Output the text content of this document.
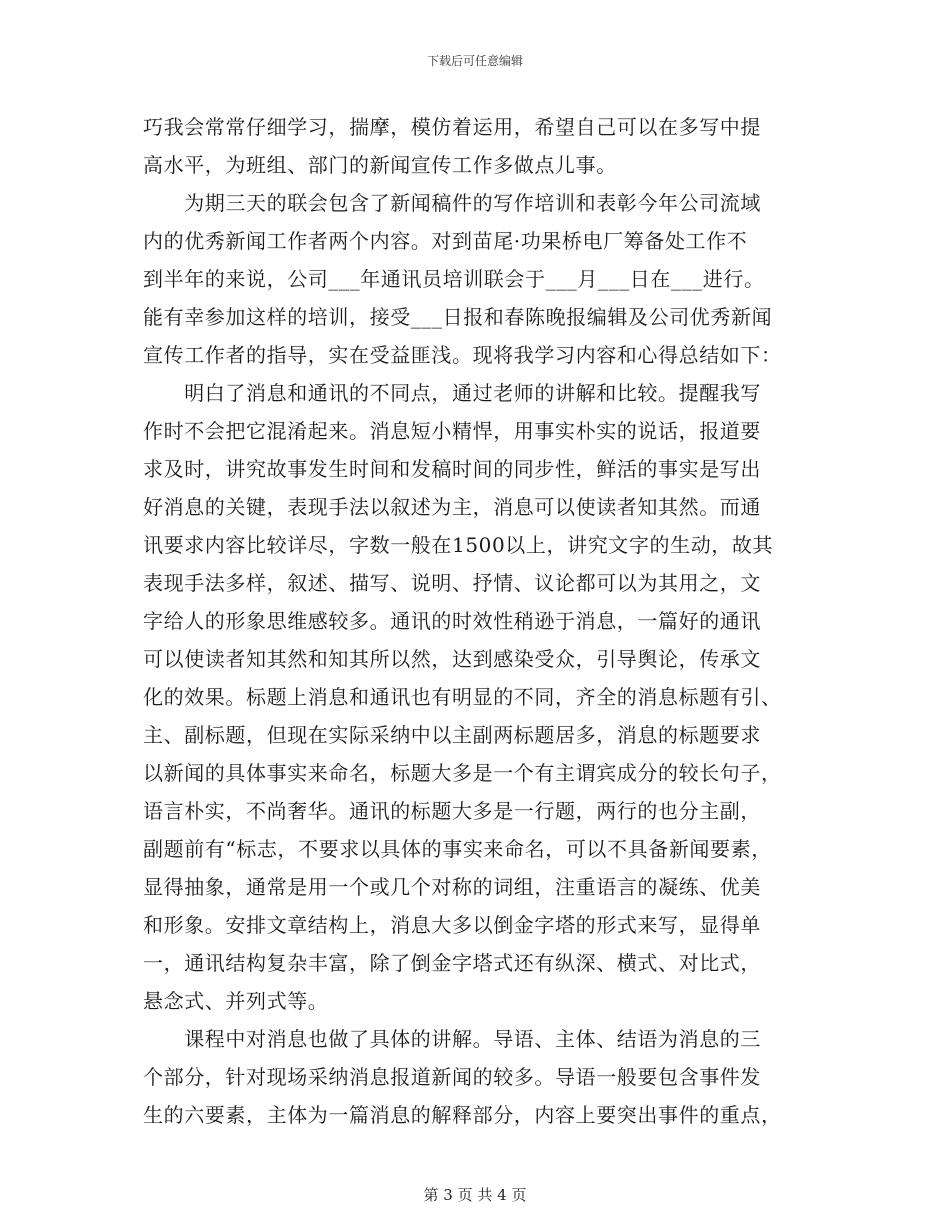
下载后可任意编辑
巧我会常常仔细学习，揣摩，模仿着运用，希望自己可以在多写中提
高水平，为班组、部门的新闻宣传工作多做点儿事。
　　为期三天的联会包含了新闻稿件的写作培训和表彰今年公司流域
内的优秀新闻工作者两个内容。对到苗尾·功果桥电厂筹备处工作不
到半年的来说，公司___年通讯员培训联会于___月___日在___进行。
能有幸参加这样的培训，接受___日报和春陈晚报编辑及公司优秀新闻
宣传工作者的指导，实在受益匪浅。现将我学习内容和心得总结如下：
　　明白了消息和通讯的不同点，通过老师的讲解和比较。提醒我写
作时不会把它混淆起来。消息短小精悍，用事实朴实的说话，报道要
求及时，讲究故事发生时间和发稿时间的同步性，鲜活的事实是写出
好消息的关键，表现手法以叙述为主，消息可以使读者知其然。而通
讯要求内容比较详尽，字数一般在1500以上，讲究文字的生动，故其
表现手法多样，叙述、描写、说明、抒情、议论都可以为其用之，文
字给人的形象思维感较多。通讯的时效性稍逊于消息，一篇好的通讯
可以使读者知其然和知其所以然，达到感染受众，引导舆论，传承文
化的效果。标题上消息和通讯也有明显的不同，齐全的消息标题有引、
主、副标题，但现在实际采纳中以主副两标题居多，消息的标题要求
以新闻的具体事实来命名，标题大多是一个有主谓宾成分的较长句子，
语言朴实，不尚奢华。通讯的标题大多是一行题，两行的也分主副，
副题前有“标志，不要求以具体的事实来命名，可以不具备新闻要素，
显得抽象，通常是用一个或几个对称的词组，注重语言的凝练、优美
和形象。安排文章结构上，消息大多以倒金字塔的形式来写，显得单
一，通讯结构复杂丰富，除了倒金字塔式还有纵深、横式、对比式，
悬念式、并列式等。
　　课程中对消息也做了具体的讲解。导语、主体、结语为消息的三
个部分，针对现场采纳消息报道新闻的较多。导语一般要包含事件发
生的六要素，主体为一篇消息的解释部分，内容上要突出事件的重点，
第 3 页 共 4 页
